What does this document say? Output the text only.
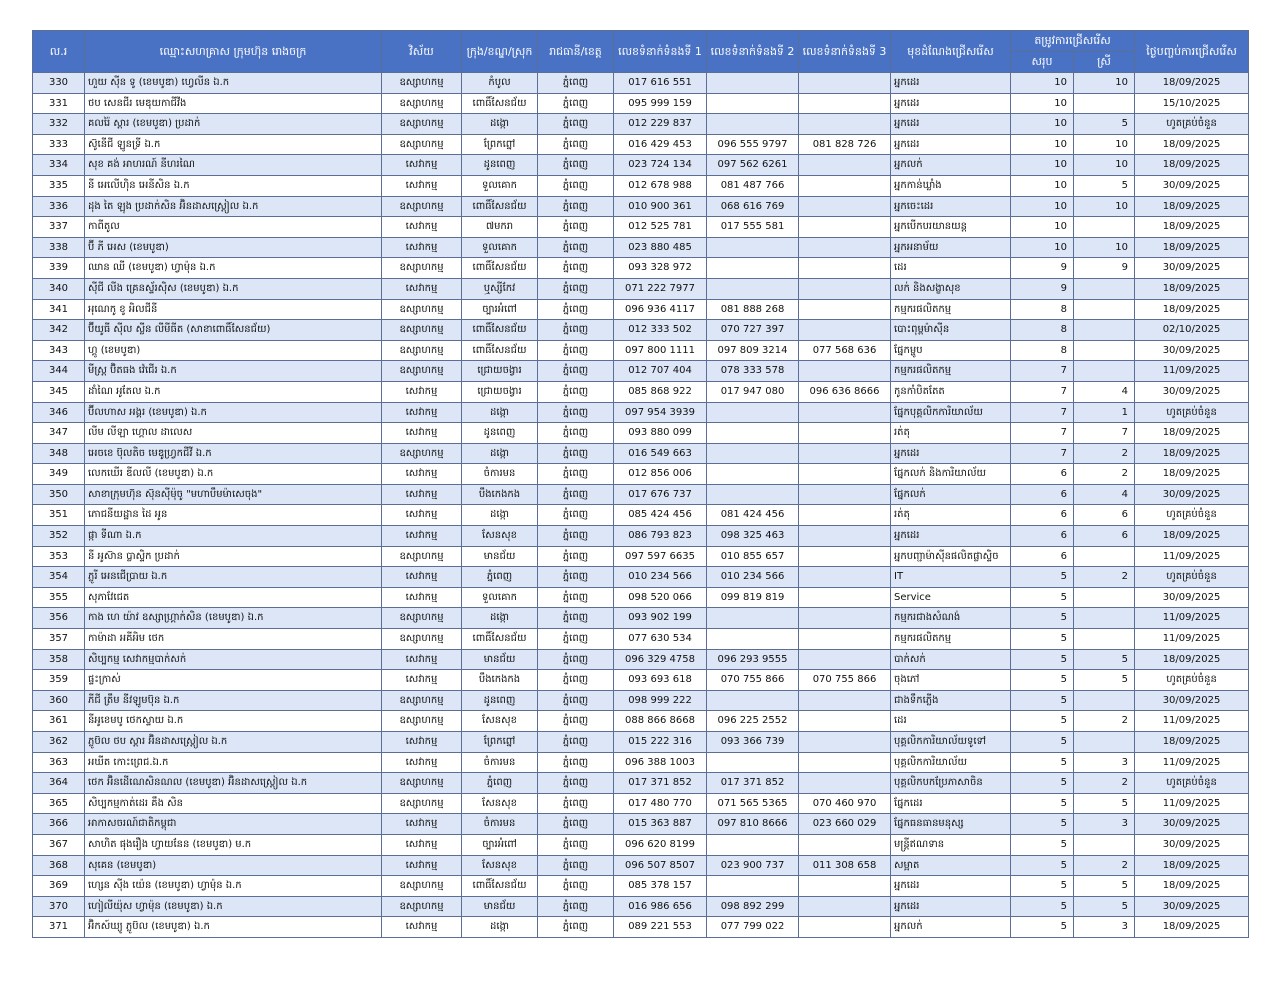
ល.រ	ឈ្មោះសហគ្រាស ក្រុមហ៊ុន រោងចក្រ	វិស័យ	ក្រុង/ខណ្ឌ/ស្រុក	រាជធានី/ខេត្ត	លេខទំនាក់ទំនងទី 1	លេខទំនាក់ទំនងទី 2	លេខទំនាក់ទំនងទី 3	មុខដំណែងជ្រើសរើស	តម្រូវការជ្រើសរើស		ថ្ងៃបញ្ចប់ការជ្រើសរើស
									សរុប	ស្រី	
330	ហួយ ស៊ីន ទូ (ខេមបូឌា) ហ្វេលីន ឯ.ក	ឧស្សាហកម្ម	កំបូល	ភ្នំពេញ	017 616 551			អ្នកដេរ	10	10	18/09/2025
331	ថប សេនជីរ មេឌុយកាជីវីង	ឧស្សាហកម្ម	ពោធិ៍សែនជ័យ	ភ្នំពេញ	095 999 159			អ្នកដេរ	10		15/10/2025
332	គលរ៉ៃ ស្តារ (ខេមបូឌា) ប្រដាក់	ឧស្សាហកម្ម	ដង្កោ	ភ្នំពេញ	012 229 837			អ្នកដេរ	10	5	ហូតគ្រប់ចំនួន
333	ស៊ូនើជី ឡូនទ្រី ឯ.ក	ឧស្សាហកម្ម	ព្រែកព្នៅ	ភ្នំពេញ	016 429 453	096 555 9797	081 828 726	អ្នកដេរ	10	10	18/09/2025
334	សុខ គង់ អាហរណ៍ នីហរណៃ	សេវាកម្ម	ដូនពេញ	ភ្នំពេញ	023 724 134	097 562 6261		អ្នកលក់	10	10	18/09/2025
335	នី អេលើហ៊ិន អេនីសិន ឯ.ក	សេវាកម្ម	ទួលគោក	ភ្នំពេញ	012 678 988	081 487 766		អ្នកកាន់ឃ្លាំង	10	5	30/09/2025
336	ដុង តៃ ឡុង ប្រដាក់សិន អ៊ិនដាសស្ត្រៀល ឯ.ក	ឧស្សាហកម្ម	ពោធិ៍សែនជ័យ	ភ្នំពេញ	010 900 361	068 616 769		អ្នកចេះដេរ	10	10	18/09/2025
337	កាពីតូល	សេវាកម្ម	៧មករា	ភ្នំពេញ	012 525 781	017 555 581		អ្នកបើកបរយានយន្ត	10		18/09/2025
338	ប៊ី ភី អេស (ខេមបូឌា)	សេវាកម្ម	ទួលគោក	ភ្នំពេញ	023 880 485			អ្នកអនាម័យ	10	10	18/09/2025
339	ឈាន ឈី (ខេមបូឌា) ហ្វាម៉ុន ឯ.ក	ឧស្សាហកម្ម	ពោធិ៍សែនជ័យ	ភ្នំពេញ	093 328 972			ដេរ	9	9	30/09/2025
340	ស៊ីជី លីង គ្រេនស្ទ័រស៊ិស (ខេមបូឌា) ឯ.ក	សេវាកម្ម	ឬស្សីកែវ	ភ្នំពេញ	071 222 7977			លក់ និងសង្ខាសុខ	9		18/09/2025
341	អុណេកូ ខូ អិលជីនី	ឧស្សាហកម្ម	ច្បារអំពៅ	ភ្នំពេញ	096 936 4117	081 888 268		កម្មករផលិតកម្ម	8		18/09/2025
342	ប៊ីយូធី ស៊ីល ស្លីន លីមីធីត (សាខាពោធិ៍សែនជ័យ)	ឧស្សាហកម្ម	ពោធិ៍សែនជ័យ	ភ្នំពេញ	012 333 502	070 727 397		បោះពុម្ពម៉ាស៊ីន	8		02/10/2025
343	ហ្គូ (ខេមបូឌា)	ឧស្សាហកម្ម	ពោធិ៍សែនជ័យ	ភ្នំពេញ	097 800 1111	097 809 3214	077 568 636	ផ្នែកម្ហូប	8		30/09/2025
344	មីស្ត្រ ប៊ិតធង វ៉េជើរ ឯ.ក	ឧស្សាហកម្ម	ជ្រោយចង្វារ	ភ្នំពេញ	012 707 404	078 333 578		កម្មករផលិតកម្ម	7		11/09/2025
345	ដាំណៃ អូតែល ឯ.ក	សេវាកម្ម	ជ្រោយចង្វារ	ភ្នំពេញ	085 868 922	017 947 080	096 636 8666	កូនកាំបិតតែត	7	4	30/09/2025
346	ប៊ីលហាស អង្គរ (ខេមបូឌា) ឯ.ក	សេវាកម្ម	ដង្កោ	ភ្នំពេញ	097 954 3939			ផ្នែកបុគ្គលិកការិយាល័យ	7	1	ហូតគ្រប់ចំនួន
347	លីម លីឡា ហ្គោល ដាលេស	សេវាកម្ម	ដូនពេញ	ភ្នំពេញ	093 880 099			រត់តុ	7	7	18/09/2025
348	អេចខេ ប៊ុលតិច មេឌូហ្វ្រកជីវី ឯ.ក	ឧស្សាហកម្ម	ដង្កោ	ភ្នំពេញ	016 549 663			អ្នកដេរ	7	2	18/09/2025
349	លេកឃើរ ឌីលលី (ខេមបូឌា) ឯ.ក	សេវាកម្ម	ចំការមន	ភ្នំពេញ	012 856 006			ផ្នែកលក់ និងការិយាល័យ	6	2	18/09/2025
350	សាខាក្រុមហ៊ុន ស៊ុនស៊ីម៉ុចូ "មហាបឹមម៉ាសេចុង"	សេវាកម្ម	បឹងកេងកង	ភ្នំពេញ	017 676 737			ផ្នែកលក់	6	4	30/09/2025
351	ភោជនីយដ្ឋាន ដៃ អូន	សេវាកម្ម	ដង្កោ	ភ្នំពេញ	085 424 456	081 424 456		រត់តុ	6	6	ហូតគ្រប់ចំនួន
352	ផ្កា ទីណា ឯ.ក	សេវាកម្ម	សែនសុខ	ភ្នំពេញ	086 793 823	098 325 463		អ្នកដេរ	6	6	18/09/2025
353	នី អូស៊ាន ប្លាស្ទិក ប្រដាក់	ឧស្សាហកម្ម	មានជ័យ	ភ្នំពេញ	097 597 6635	010 855 657		អ្នកបញ្ជាម៉ាស៊ីនផលិតផ្លាស្ទិច	6		11/09/2025
354	ភ្លូរី អេនជើប្រាយ ឯ.ក	សេវាកម្ម	ភ្នំពេញ	ភ្នំពេញ	010 234 566	010 234 566		IT	5	2	ហូតគ្រប់ចំនួន
355	សុភាវែជេត	សេវាកម្ម	ទួលគោក	ភ្នំពេញ	098 520 066	099 819 819		Service	5		30/09/2025
356	កាង ហេ យ៉ាវ ឧស្សាហ្គ្រាក់សិន (ខេមបូឌា) ឯ.ក	ឧស្សាហកម្ម	ដង្កោ	ភ្នំពេញ	093 902 199			កម្មករជាងសំណង់	5		11/09/2025
357	កាម៉ាដា អគីអិម ថេក	ឧស្សាហកម្ម	ពោធិ៍សែនជ័យ	ភ្នំពេញ	077 630 534			កម្មករផលិតកម្ម	5		11/09/2025
358	សិប្បកម្ម សេវាកម្មបាក់សក់	សេវាកម្ម	មានជ័យ	ភ្នំពេញ	096 329 4758	096 293 9555		បាក់សក់	5	5	18/09/2025
359	ផ្ទះក្រាស់	សេវាកម្ម	បឹងកេងកង	ភ្នំពេញ	093 693 618	070 755 866	070 755 866	ចុងភៅ	5	5	ហូតគ្រប់ចំនួន
360	ភីជី ត្រឹម នីវឡូមប៊ុន ឯ.ក	ឧស្សាហកម្ម	ដូនពេញ	ភ្នំពេញ	098 999 222			ជាងទឹកភ្លើង	5		30/09/2025
361	នីអូខេមបូ ថេកស្ទាយ ឯ.ក	ឧស្សាហកម្ម	សែនសុខ	ភ្នំពេញ	088 866 8668	096 225 2552		ដេរ	5	2	11/09/2025
362	ភ្លូប៊ល ថប ស្តារ អ៊ិនដាសស្ត្រៀល ឯ.ក	សេវាកម្ម	ព្រែកព្នៅ	ភ្នំពេញ	015 222 316	093 366 739		បុគ្គលិកការិយាល័យទូទៅ	5		18/09/2025
363	អឃីត កោះព្រេជ.ឯ.ក	សេវាកម្ម	ចំការមន	ភ្នំពេញ	096 388 1003			បុគ្គលិកការិយាល័យ	5	3	11/09/2025
364	ថេក អ៊ិនដើណេសិនណល (ខេមបូឌា) អ៊ិនដាសស្ត្រៀល ឯ.ក	ឧស្សាហកម្ម	ភ្នំពេញ	ភ្នំពេញ	017 371 852	017 371 852		បុគ្គលិកបកប្រែភាសាចិន	5	2	ហូតគ្រប់ចំនួន
365	សិប្បកម្មកាត់ដេរ គឹង សិន	ឧស្សាហកម្ម	សែនសុខ	ភ្នំពេញ	017 480 770	071 565 5365	070 460 970	ផ្នែកដេរ	5	5	11/09/2025
366	អាកាសចរណ៍ជាតិកម្ពុជា	សេវាកម្ម	ចំការមន	ភ្នំពេញ	015 363 887	097 810 8666	023 660 029	ផ្នែកធនធានមនុស្ស	5	3	30/09/2025
367	សាហិត ផុងរឿង ហ្វាយនែន (ខេមបូឌា) ម.ក	សេវាកម្ម	ច្បារអំពៅ	ភ្នំពេញ	096 620 8199			មន្ត្រីឥណទាន	5		30/09/2025
368	សុគេន (ខេមបូឌា)	សេវាកម្ម	សែនសុខ	ភ្នំពេញ	096 507 8507	023 900 737	011 308 658	សម្អាត	5	2	18/09/2025
369	ហ្សេន ស៊ីង យ៉េន (ខេមបូឌា) ហ្វាម៉ុន ឯ.ក	ឧស្សាហកម្ម	ពោធិ៍សែនជ័យ	ភ្នំពេញ	085 378 157			អ្នកដេរ	5	5	18/09/2025
370	ហៀលីយ៉ុស ហ្វាម៉ុន (ខេមបូឌា) ឯ.ក	ឧស្សាហកម្ម	មានជ័យ	ភ្នំពេញ	016 986 656	098 892 299		អ្នកដេរ	5	5	30/09/2025
371	អ៊ិកស៍ឃ្យូ ភ្លូប៊ល (ខេមបូឌា) ឯ.ក	សេវាកម្ម	ដង្កោ	ភ្នំពេញ	089 221 553	077 799 022		អ្នកលក់	5	3	18/09/2025
